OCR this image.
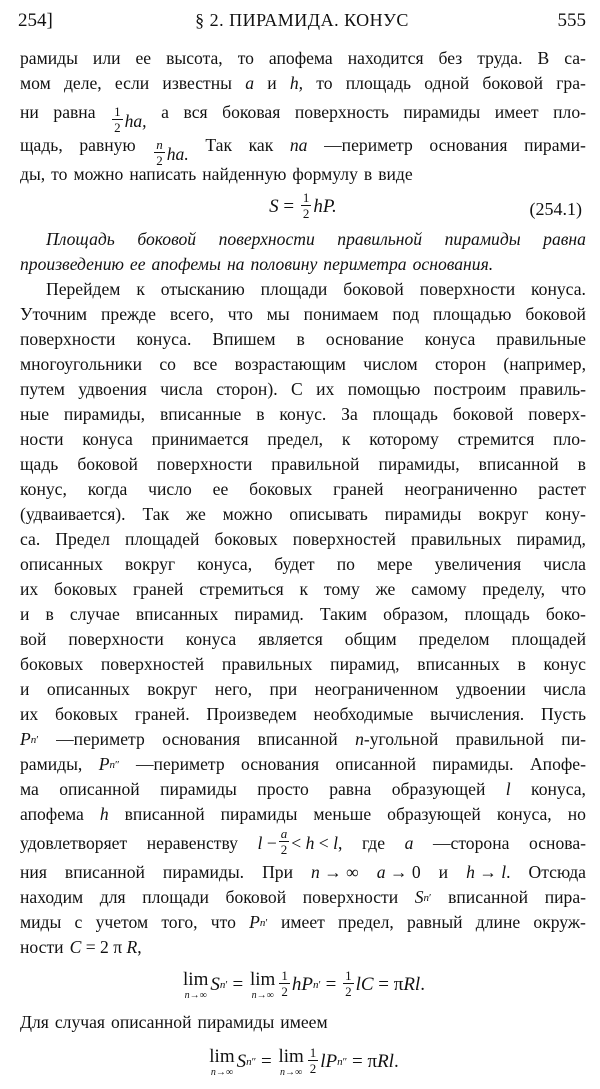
254]	§ 2. ПИРАМИДА. КОНУС	555
рамиды или ее высота, то апофема находится без труда. В са-
мом деле, если известны a и h, то площадь одной боковой гра-
ни равна $\frac{1}{2}$ ha, а вся боковая поверхность пирамиды имеет пло-
щадь, равную $\frac{n}{2}$ ha. Так как na —периметр основания пирами-
ды, то можно написать найденную формулу в виде
$S = \frac{1}{2}$ hP.	(254.1)
Площадь боковой поверхности правильной пирамиды равна
произведению ее апофемы на половину периметра основания.
Перейдем к отысканию площади боковой поверхности конуса.
Уточним прежде всего, что мы понимаем под площадью боковой
поверхности конуса. Впишем в основание конуса правильные
многоугольники со все возрастающим числом сторон (например,
путем удвоения числа сторон). С их помощью построим правиль-
ные пирамиды, вписанные в конус. За площадь боковой поверх-
ности конуса принимается предел, к которому стремится пло-
щадь боковой поверхности правильной пирамиды, вписанной в
конус, когда число ее боковых граней неограниченно растет
(удваивается). Так же можно описывать пирамиды вокруг кону-
са. Предел площадей боковых поверхностей правильных пирамид,
описанных вокруг конуса, будет по мере увеличения числа
их боковых граней стремиться к тому же самому пределу, что
и в случае вписанных пирамид. Таким образом, площадь боко-
вой поверхности конуса является общим пределом площадей
боковых поверхностей правильных пирамид, вписанных в конус
и описанных вокруг него, при неограниченном удвоении числа
их боковых граней. Произведем необходимые вычисления. Пусть
P n ′ —периметр основания вписанной n -угольной правильной пи-
рамиды, P n ″ —периметр основания описанной пирамиды. Апофе-
ма описанной пирамиды просто равна образующей l конуса,
апофема h вписанной пирамиды меньше образующей конуса, но
удовлетворяет неравенству $l - \frac{a}{2} < h < l$ , где a —сторона основа-
ния вписанной пирамиды. При n → ∞ a → 0 и h → l . Отсюда
находим для площади боковой поверхности S n ′ вписанной пира-
миды с учетом того, что P n ′ имеет предел, равный длине окруж-
ности C = 2 π R ,
lim
n→∞ S n ′ = lim
$n\to\infty \frac{1}{2}$ hP n ′ = $\frac{1}{2}$ lC = π Rl .
Для случая описанной пирамиды имеем
lim
n→∞ S n ″ = lim
$n\to\infty \frac{1}{2}$ lP n ″ = π Rl .
